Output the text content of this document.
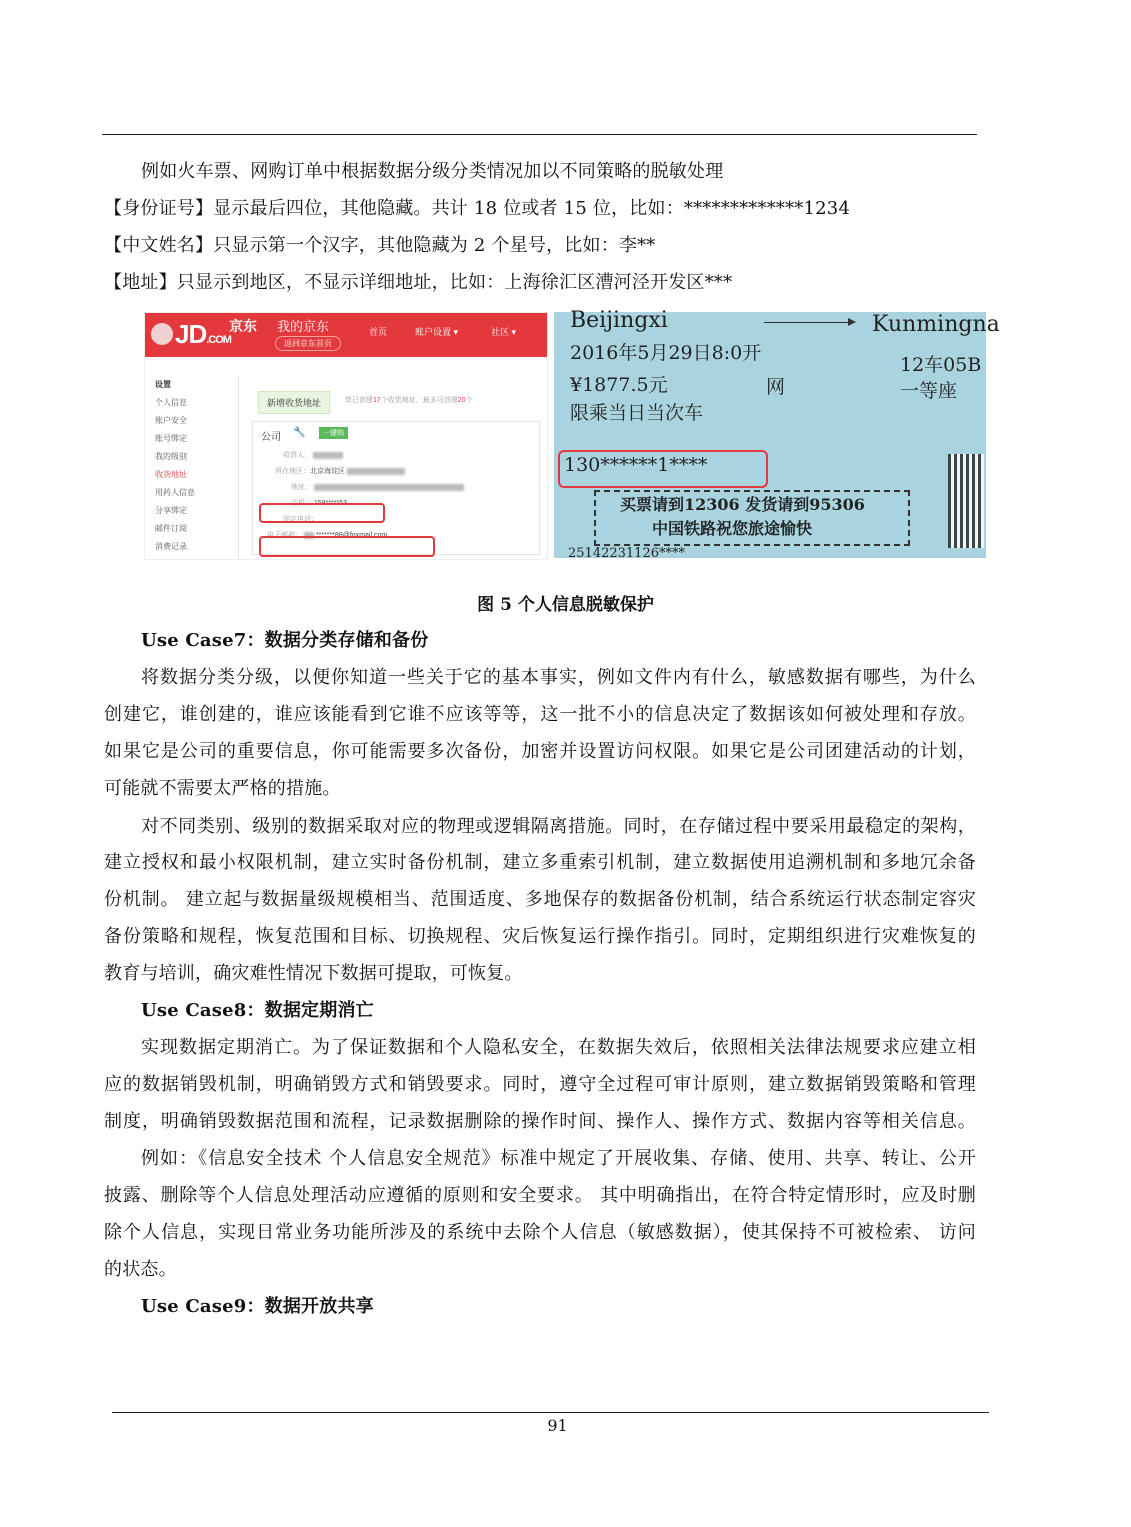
例如火车票、网购订单中根据数据分级分类情况加以不同策略的脱敏处理
【身份证号】显示最后四位，其他隐藏。共计 18 位或者 15 位，比如：*************1234
【中文姓名】只显示第一个汉字，其他隐藏为 2 个星号，比如：李**
【地址】只显示到地区，不显示详细地址，比如：上海徐汇区漕河泾开发区***
JD.COM
京东 我的京东
返回京东首页
首页	账户设置 ▾	社区 ▾
设置
个人信息
账户安全
账号绑定
我的级别
收货地址
用药人信息
分享绑定
邮件订阅
消费记录
新增收货地址	您已创建17个收货地址，最多可创建20个
公司 🔧	一键购
收货人：
所在地区：北京海淀区
地址：
手机： 158*****53
固定电话：
电子邮箱： *******88@foxmail.com
Beijingxi	Kunmingna
2016年5月29日8:0开
¥1877.5元	网
12车05B
一等座
限乘当日当次车
130******1****
买票请到12306 发货请到95306
中国铁路祝您旅途愉快
25142231126****
图 5 个人信息脱敏保护
Use Case7：数据分类存储和备份
将数据分类分级，以便你知道一些关于它的基本事实，例如文件内有什么，敏感数据有哪些，为什么
创建它，谁创建的，谁应该能看到它谁不应该等等，这一批不小的信息决定了数据该如何被处理和存放。
如果它是公司的重要信息，你可能需要多次备份，加密并设置访问权限。如果它是公司团建活动的计划，
可能就不需要太严格的措施。
对不同类别、级别的数据采取对应的物理或逻辑隔离措施。同时，在存储过程中要采用最稳定的架构，
建立授权和最小权限机制，建立实时备份机制，建立多重索引机制，建立数据使用追溯机制和多地冗余备
份机制。 建立起与数据量级规模相当、范围适度、多地保存的数据备份机制，结合系统运行状态制定容灾
备份策略和规程，恢复范围和目标、切换规程、灾后恢复运行操作指引。同时，定期组织进行灾难恢复的
教育与培训，确灾难性情况下数据可提取，可恢复。
Use Case8：数据定期消亡
实现数据定期消亡。为了保证数据和个人隐私安全，在数据失效后，依照相关法律法规要求应建立相
应的数据销毁机制，明确销毁方式和销毁要求。同时，遵守全过程可审计原则，建立数据销毁策略和管理
制度，明确销毁数据范围和流程，记录数据删除的操作时间、操作人、操作方式、数据内容等相关信息。
例如：《信息安全技术 个人信息安全规范》标准中规定了开展收集、存储、使用、共享、转让、公开
披露、删除等个人信息处理活动应遵循的原则和安全要求。 其中明确指出，在符合特定情形时，应及时删
除个人信息，实现日常业务功能所涉及的系统中去除个人信息（敏感数据），使其保持不可被检索、 访问
的状态。
Use Case9：数据开放共享
91
